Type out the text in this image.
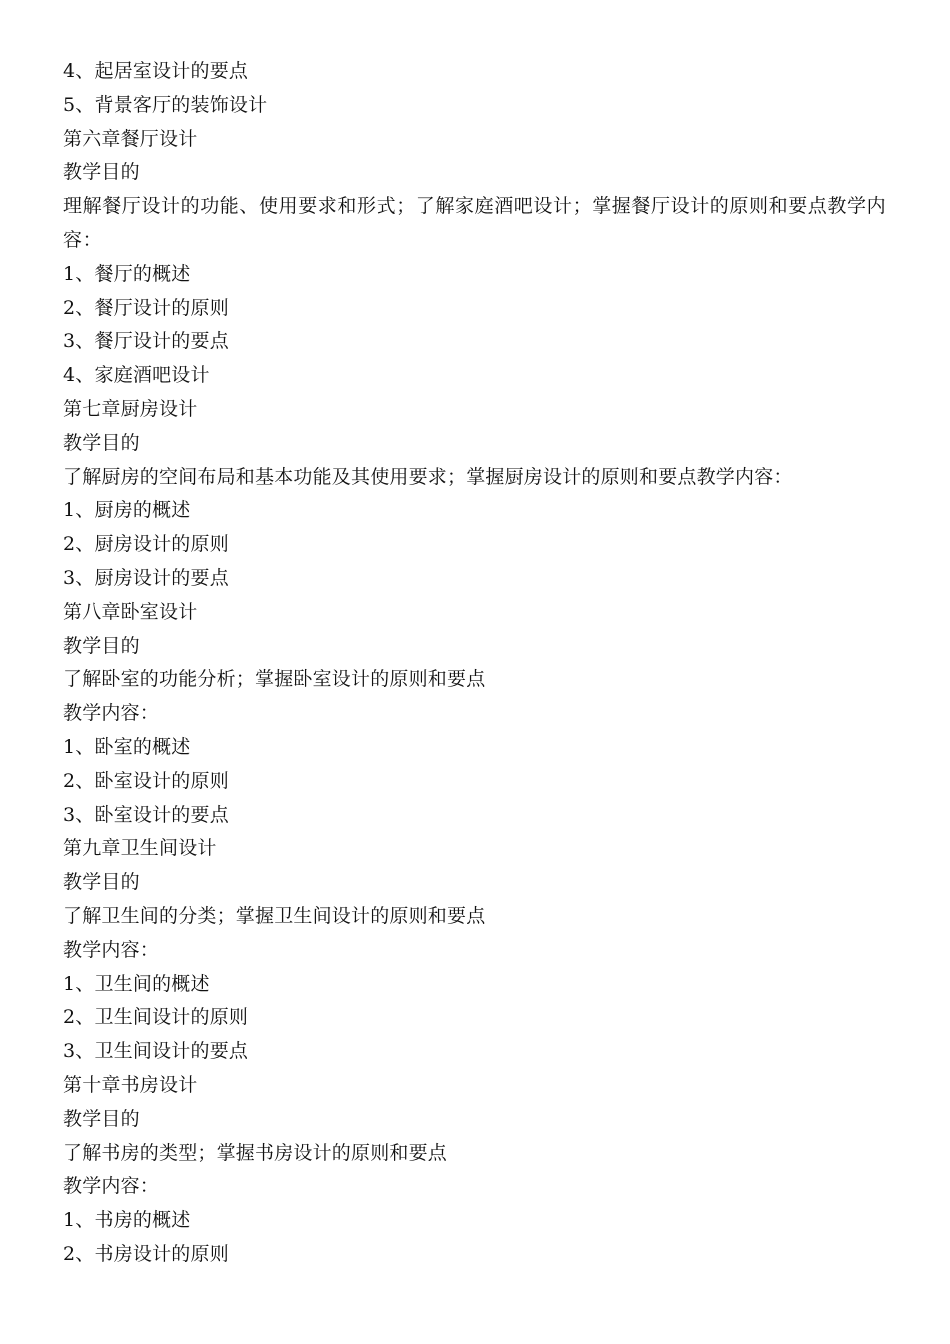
4、起居室设计的要点
5、背景客厅的装饰设计
第六章餐厅设计
教学目的
理解餐厅设计的功能、使用要求和形式；了解家庭酒吧设计；掌握餐厅设计的原则和要点教学内容：
1、餐厅的概述
2、餐厅设计的原则
3、餐厅设计的要点
4、家庭酒吧设计
第七章厨房设计
教学目的
了解厨房的空间布局和基本功能及其使用要求；掌握厨房设计的原则和要点教学内容：
1、厨房的概述
2、厨房设计的原则
3、厨房设计的要点
第八章卧室设计
教学目的
了解卧室的功能分析；掌握卧室设计的原则和要点
教学内容：
1、卧室的概述
2、卧室设计的原则
3、卧室设计的要点
第九章卫生间设计
教学目的
了解卫生间的分类；掌握卫生间设计的原则和要点
教学内容：
1、卫生间的概述
2、卫生间设计的原则
3、卫生间设计的要点
第十章书房设计
教学目的
了解书房的类型；掌握书房设计的原则和要点
教学内容：
1、书房的概述
2、书房设计的原则
